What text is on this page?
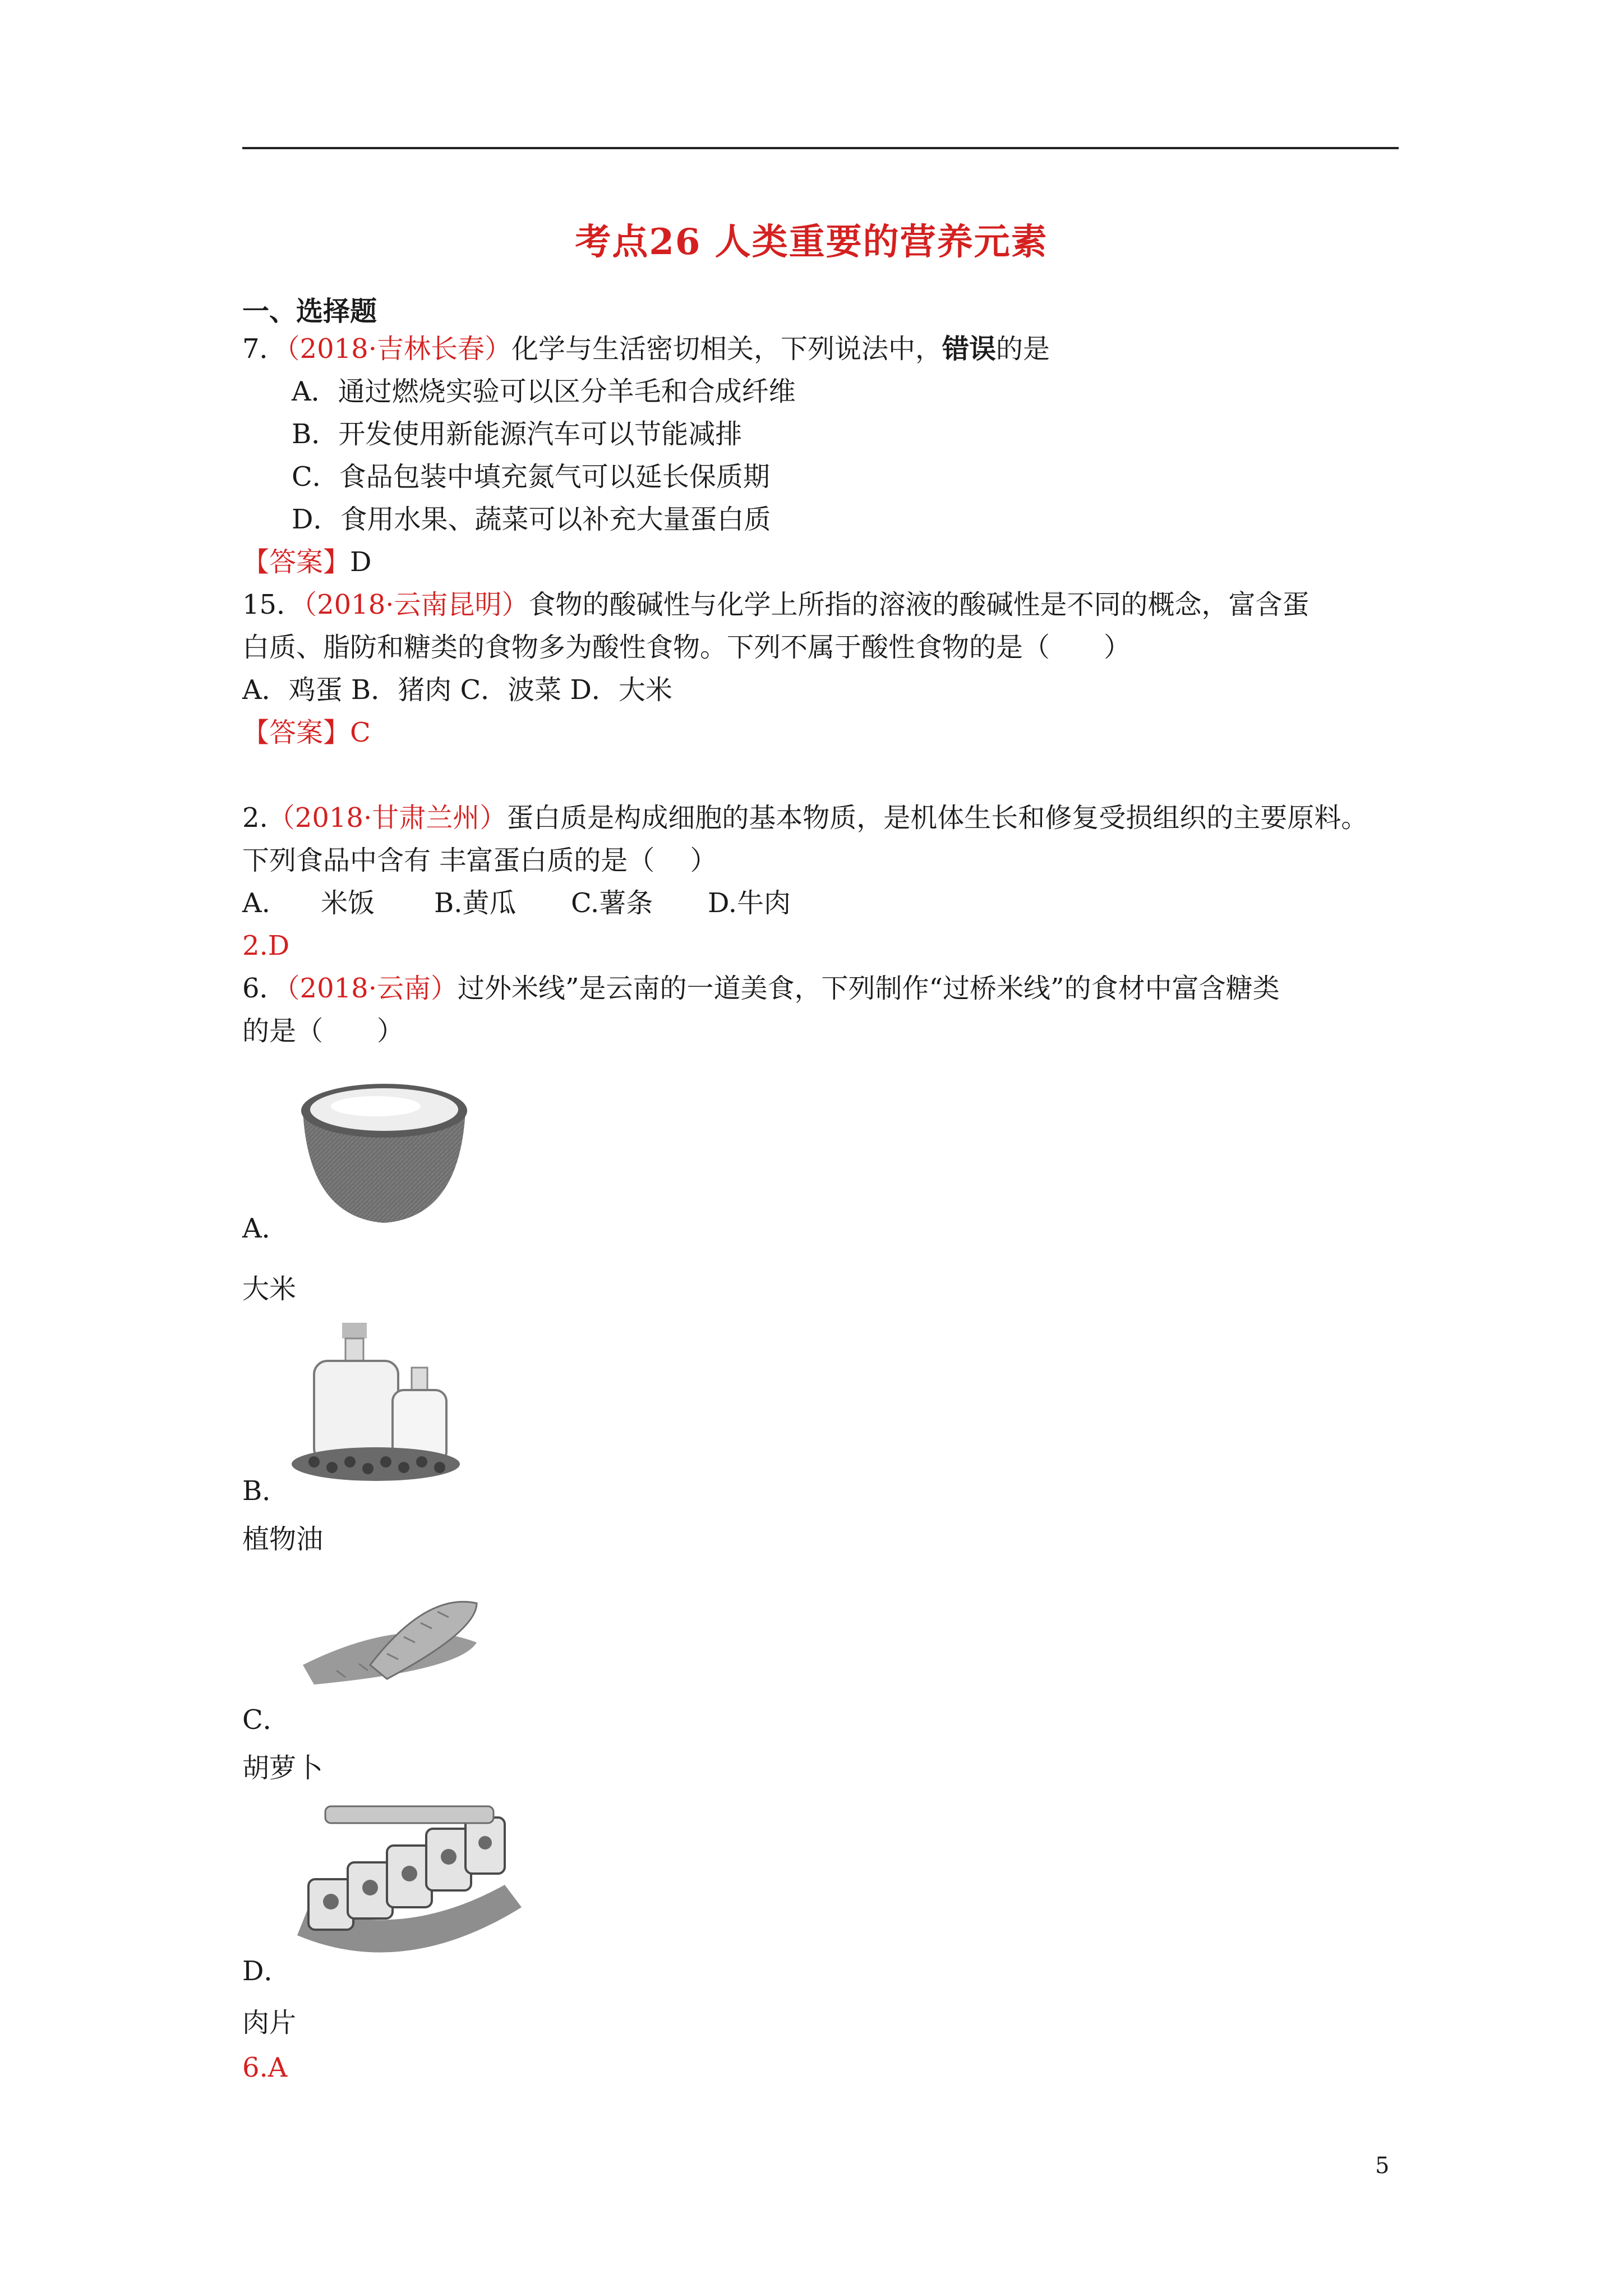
考点26 人类重要的营养元素
一、选择题
7．（2018·吉林长春）化学与生活密切相关，下列说法中，错误的是
A．通过燃烧实验可以区分羊毛和合成纤维
B．开发使用新能源汽车可以节能减排
C．食品包装中填充氮气可以延长保质期
D．食用水果、蔬菜可以补充大量蛋白质
【答案】D
15．（2018·云南昆明）食物的酸碱性与化学上所指的溶液的酸碱性是不同的概念，富含蛋
白质、脂防和糖类的食物多为酸性食物。下列不属于酸性食物的是（　　）
A．鸡蛋 B．猪肉 C．波菜 D．大米
【答案】C
2.（2018·甘肃兰州）蛋白质是构成细胞的基本物质，是机体生长和修复受损组织的主要原料。
下列食品中含有 丰富蛋白质的是（　 ）
A. 米饭 B.黄瓜 C.薯条 D.牛肉
2.D
6．（2018·云南）过外米线”是云南的一道美食，下列制作“过桥米线”的食材中富含糖类
的是（　　）
A．
大米
B．
植物油
C．
胡萝卜
D．
肉片
6.A
5
